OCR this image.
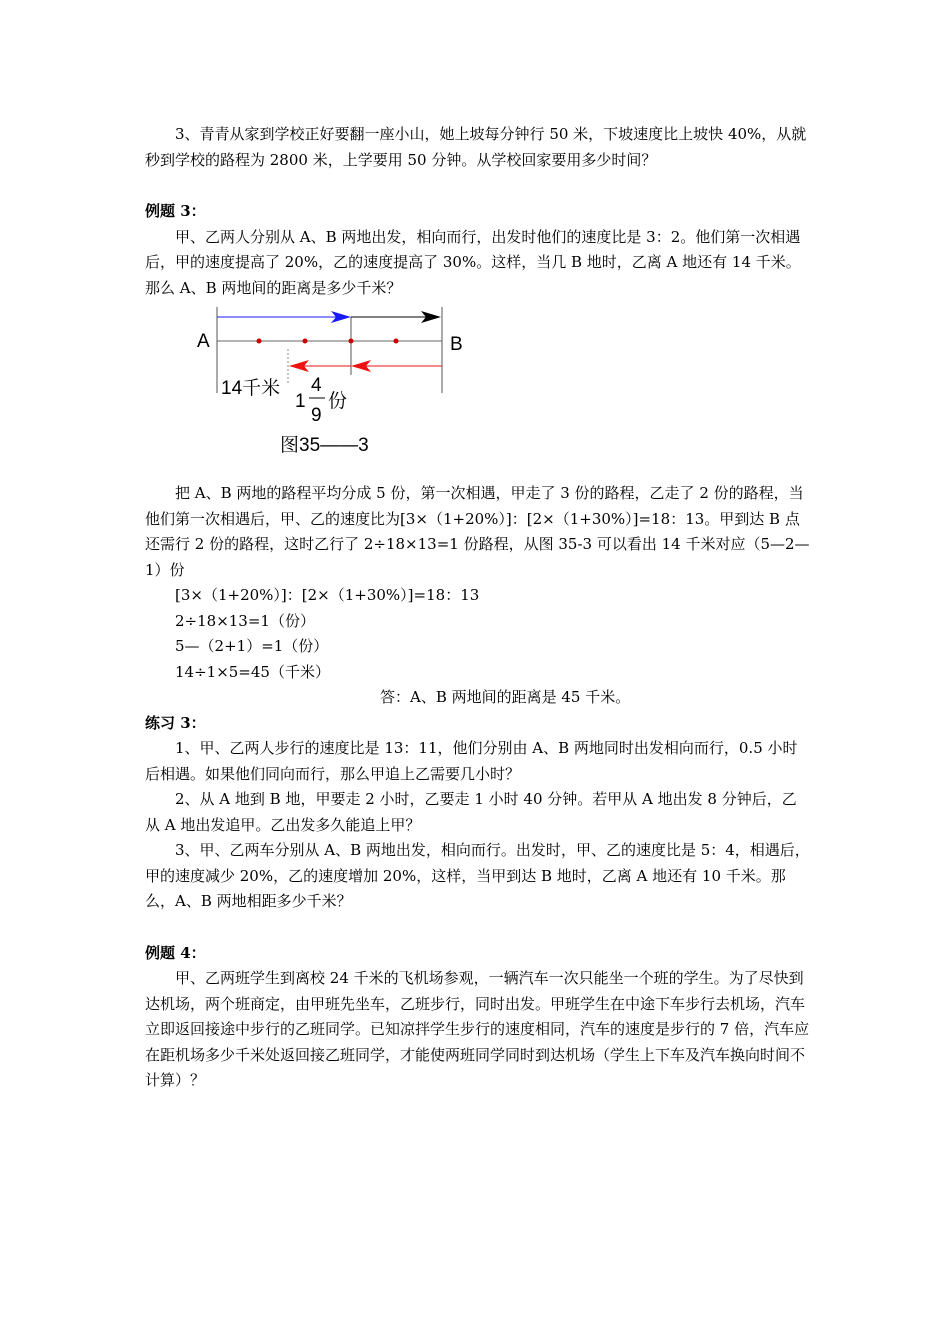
3、青青从家到学校正好要翻一座小山，她上坡每分钟行 50 米，下坡速度比上坡快 40%，从就秒到学校的路程为 2800 米，上学要用 50 分钟。从学校回家要用多少时间？

例题 3：

甲、乙两人分别从 A、B 两地出发，相向而行，出发时他们的速度比是 3：2。他们第一次相遇后，甲的速度提高了 20%，乙的速度提高了 30%。这样，当几 B 地时，乙离 A 地还有 14 千米。那么 A、B 两地间的距离是多少千米？

A	B
14千米
1
4
9
份
图35——3

把 A、B 两地的路程平均分成 5 份，第一次相遇，甲走了 3 份的路程，乙走了 2 份的路程，当他们第一次相遇后，甲、乙的速度比为[3×（1+20%）]：[2×（1+30%）]=18：13。甲到达 B 点还需行 2 份的路程，这时乙行了 2÷18×13=1 份路程，从图 35-3 可以看出 14 千米对应（5—2—1）份

[3×（1+20%）]：[2×（1+30%）]=18：13
2÷18×13=1（份）
5—（2+1）=1（份）
14÷1×5=45（千米）
答：A、B 两地间的距离是 45 千米。

练习 3：

1、甲、乙两人步行的速度比是 13：11，他们分别由 A、B 两地同时出发相向而行，0.5 小时后相遇。如果他们同向而行，那么甲追上乙需要几小时？

2、从 A 地到 B 地，甲要走 2 小时，乙要走 1 小时 40 分钟。若甲从 A 地出发 8 分钟后，乙从 A 地出发追甲。乙出发多久能追上甲？

3、甲、乙两车分别从 A、B 两地出发，相向而行。出发时，甲、乙的速度比是 5：4，相遇后，甲的速度减少 20%，乙的速度增加 20%，这样，当甲到达 B 地时，乙离 A 地还有 10 千米。那么，A、B 两地相距多少千米？

例题 4：

甲、乙两班学生到离校 24 千米的飞机场参观，一辆汽车一次只能坐一个班的学生。为了尽快到达机场，两个班商定，由甲班先坐车，乙班步行，同时出发。甲班学生在中途下车步行去机场，汽车立即返回接途中步行的乙班同学。已知凉拌学生步行的速度相同，汽车的速度是步行的 7 倍，汽车应在距机场多少千米处返回接乙班同学，才能使两班同学同时到达机场（学生上下车及汽车换向时间不计算）？
